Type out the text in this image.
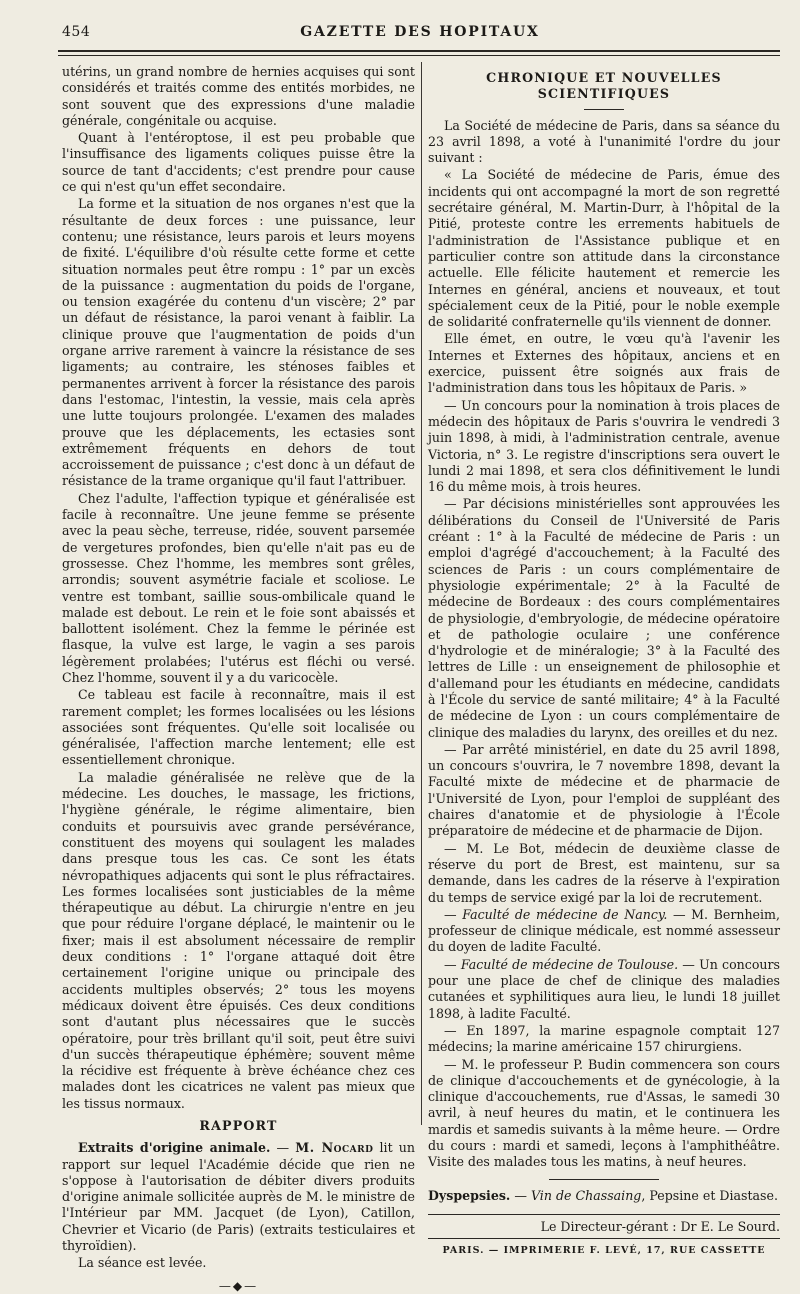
454	GAZETTE DES HOPITAUX

utérins, un grand nombre de hernies acquises qui sont considérés et traités comme des entités morbides, ne sont souvent que des expressions d'une maladie générale, congénitale ou acquise.

Quant à l'entéroptose, il est peu probable que l'insuffisance des ligaments coliques puisse être la source de tant d'accidents; c'est prendre pour cause ce qui n'est qu'un effet secondaire.

La forme et la situation de nos organes n'est que la résultante de deux forces : une puissance, leur contenu; une résistance, leurs parois et leurs moyens de fixité. L'équilibre d'où résulte cette forme et cette situation normales peut être rompu : 1° par un excès de la puissance : augmentation du poids de l'organe, ou tension exagérée du contenu d'un viscère; 2° par un défaut de résistance, la paroi venant à faiblir. La clinique prouve que l'augmentation de poids d'un organe arrive rarement à vaincre la résistance de ses ligaments; au contraire, les sténoses faibles et permanentes arrivent à forcer la résistance des parois dans l'estomac, l'intestin, la vessie, mais cela après une lutte toujours prolongée. L'examen des malades prouve que les déplacements, les ectasies sont extrêmement fréquents en dehors de tout accroissement de puissance ; c'est donc à un défaut de résistance de la trame organique qu'il faut l'attribuer.

Chez l'adulte, l'affection typique et généralisée est facile à reconnaître. Une jeune femme se présente avec la peau sèche, terreuse, ridée, souvent parsemée de vergetures profondes, bien qu'elle n'ait pas eu de grossesse. Chez l'homme, les membres sont grêles, arrondis; souvent asymétrie faciale et scoliose. Le ventre est tombant, saillie sous-ombilicale quand le malade est debout. Le rein et le foie sont abaissés et ballottent isolément. Chez la femme le périnée est flasque, la vulve est large, le vagin a ses parois légèrement prolabées; l'utérus est fléchi ou versé. Chez l'homme, souvent il y a du varicocèle.

Ce tableau est facile à reconnaître, mais il est rarement complet; les formes localisées ou les lésions associées sont fréquentes. Qu'elle soit localisée ou généralisée, l'affection marche lentement; elle est essentiellement chronique.

La maladie généralisée ne relève que de la médecine. Les douches, le massage, les frictions, l'hygiène générale, le régime alimentaire, bien conduits et poursuivis avec grande persévérance, constituent des moyens qui soulagent les malades dans presque tous les cas. Ce sont les états névropathiques adjacents qui sont le plus réfractaires. Les formes localisées sont justiciables de la même thérapeutique au début. La chirurgie n'entre en jeu que pour réduire l'organe déplacé, le maintenir ou le fixer; mais il est absolument nécessaire de remplir deux conditions : 1° l'organe attaqué doit être certainement l'origine unique ou principale des accidents multiples observés; 2° tous les moyens médicaux doivent être épuisés. Ces deux conditions sont d'autant plus nécessaires que le succès opératoire, pour très brillant qu'il soit, peut être suivi d'un succès thérapeutique éphémère; souvent même la récidive est fréquente à brève échéance chez ces malades dont les cicatrices ne valent pas mieux que les tissus normaux.

RAPPORT

Extraits d'origine animale. — M. Nocard lit un rapport sur lequel l'Académie décide que rien ne s'oppose à l'autorisation de débiter divers produits d'origine animale sollicitée auprès de M. le ministre de l'Intérieur par MM. Jacquet (de Lyon), Catillon, Chevrier et Vicario (de Paris) (extraits testiculaires et thyroïdien).

La séance est levée.

—◆—
CHRONIQUE ET NOUVELLES SCIENTIFIQUES

La Société de médecine de Paris, dans sa séance du 23 avril 1898, a voté à l'unanimité l'ordre du jour suivant :

« La Société de médecine de Paris, émue des incidents qui ont accompagné la mort de son regretté secrétaire général, M. Martin-Durr, à l'hôpital de la Pitié, proteste contre les errements habituels de l'administration de l'Assistance publique et en particulier contre son attitude dans la circonstance actuelle. Elle félicite hautement et remercie les Internes en général, anciens et nouveaux, et tout spécialement ceux de la Pitié, pour le noble exemple de solidarité confraternelle qu'ils viennent de donner.

Elle émet, en outre, le vœu qu'à l'avenir les Internes et Externes des hôpitaux, anciens et en exercice, puissent être soignés aux frais de l'administration dans tous les hôpitaux de Paris. »

— Un concours pour la nomination à trois places de médecin des hôpitaux de Paris s'ouvrira le vendredi 3 juin 1898, à midi, à l'administration centrale, avenue Victoria, n° 3. Le registre d'inscriptions sera ouvert le lundi 2 mai 1898, et sera clos définitivement le lundi 16 du même mois, à trois heures.

— Par décisions ministérielles sont approuvées les délibérations du Conseil de l'Université de Paris créant : 1° à la Faculté de médecine de Paris : un emploi d'agrégé d'accouchement; à la Faculté des sciences de Paris : un cours complémentaire de physiologie expérimentale; 2° à la Faculté de médecine de Bordeaux : des cours complémentaires de physiologie, d'embryologie, de médecine opératoire et de pathologie oculaire ; une conférence d'hydrologie et de minéralogie; 3° à la Faculté des lettres de Lille : un enseignement de philosophie et d'allemand pour les étudiants en médecine, candidats à l'École du service de santé militaire; 4° à la Faculté de médecine de Lyon : un cours complémentaire de clinique des maladies du larynx, des oreilles et du nez.

— Par arrêté ministériel, en date du 25 avril 1898, un concours s'ouvrira, le 7 novembre 1898, devant la Faculté mixte de médecine et de pharmacie de l'Université de Lyon, pour l'emploi de suppléant des chaires d'anatomie et de physiologie à l'École préparatoire de médecine et de pharmacie de Dijon.

— M. Le Bot, médecin de deuxième classe de réserve du port de Brest, est maintenu, sur sa demande, dans les cadres de la réserve à l'expiration du temps de service exigé par la loi de recrutement.

— Faculté de médecine de Nancy. — M. Bernheim, professeur de clinique médicale, est nommé assesseur du doyen de ladite Faculté.

— Faculté de médecine de Toulouse. — Un concours pour une place de chef de clinique des maladies cutanées et syphilitiques aura lieu, le lundi 18 juillet 1898, à ladite Faculté.

— En 1897, la marine espagnole comptait 127 médecins; la marine américaine 157 chirurgiens.

— M. le professeur P. Budin commencera son cours de clinique d'accouchements et de gynécologie, à la clinique d'accouchements, rue d'Assas, le samedi 30 avril, à neuf heures du matin, et le continuera les mardis et samedis suivants à la même heure. — Ordre du cours : mardi et samedi, leçons à l'amphithéâtre. Visite des malades tous les matins, à neuf heures.

Dyspepsies. — Vin de Chassaing, Pepsine et Diastase.

Le Directeur-gérant : Dr E. Le Sourd.
PARIS. — IMPRIMERIE F. LEVÉ, 17, RUE CASSETTE
